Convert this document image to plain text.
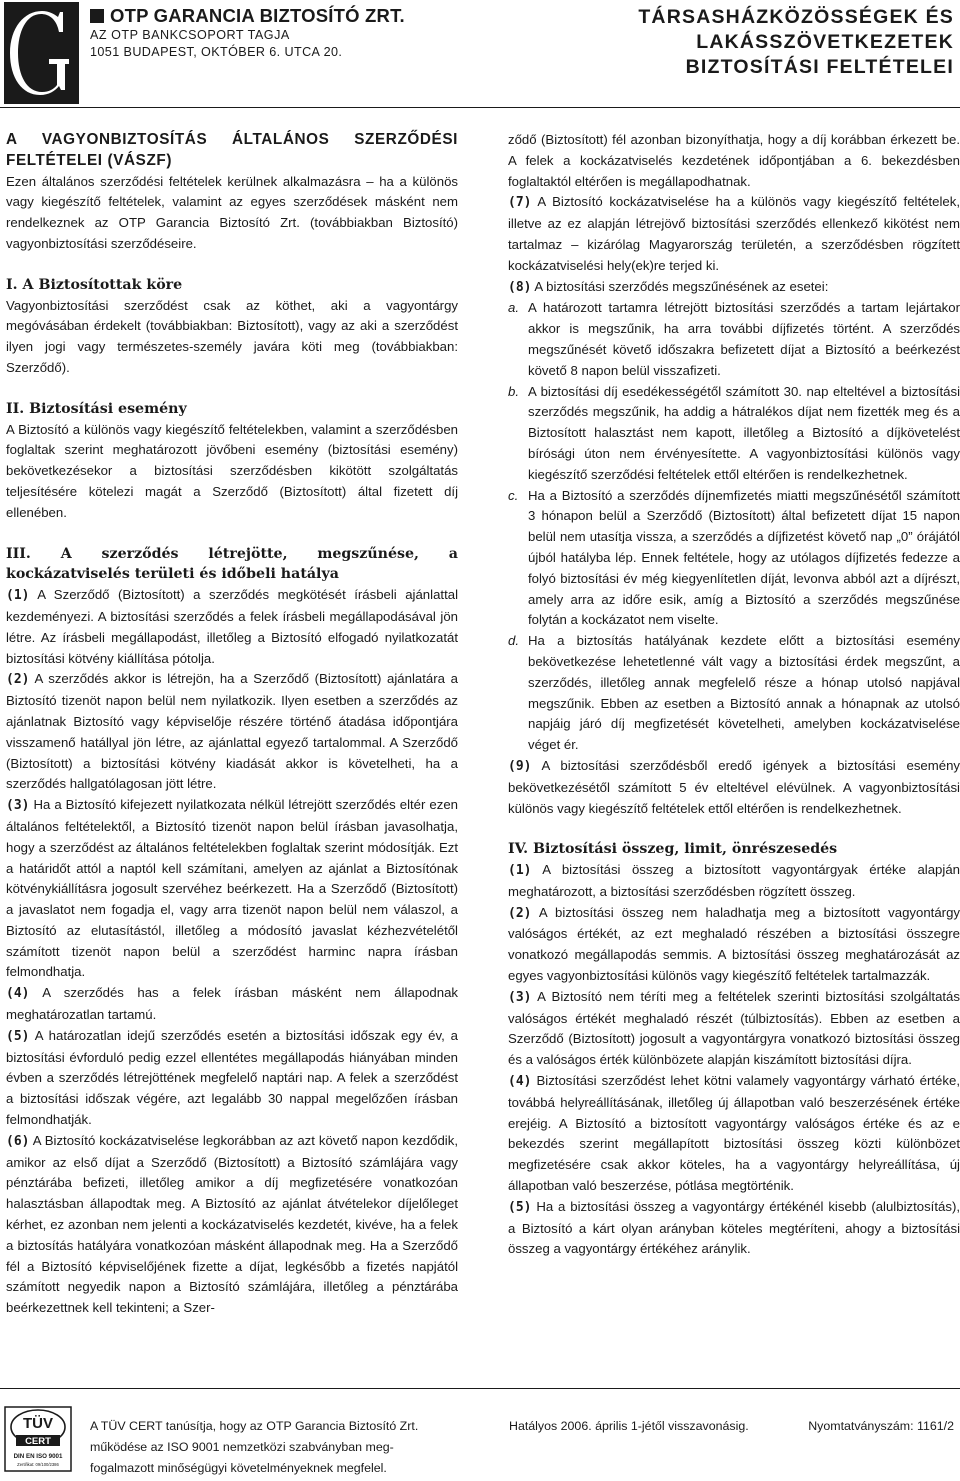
OTP GARANCIA BIZTOSÍTÓ ZRT.
AZ OTP BANKCSOPORT TAGJA
1051 BUDAPEST, OKTÓBER 6. UTCA 20.
TÁRSASHÁZKÖZÖSSÉGEK ÉS
LAKÁSSZÖVETKEZETEK
BIZTOSÍTÁSI FELTÉTELEI

A VAGYONBIZTOSÍTÁS ÁLTALÁNOS SZERZŐDÉSI FELTÉTELEI (VÁSZF)

Ezen általános szerződési feltételek kerülnek alkalmazásra – ha a különös vagy kiegészítő feltételek, valamint az egyes szerződések másként nem rendelkeznek az OTP Garancia Biztosító Zrt. (továbbiakban Biztosító) vagyonbiztosítási szerződéseire.

I. A Biztosítottak köre

Vagyonbiztosítási szerződést csak az köthet, aki a vagyontárgy megóvásában érdekelt (továbbiakban: Biztosított), vagy az aki a szerződést ilyen jogi vagy természetes-személy javára köti meg (továbbiakban: Szerződő).

II. Biztosítási esemény

A Biztosító a különös vagy kiegészítő feltételekben, valamint a szerződésben foglaltak szerint meghatározott jövőbeni esemény (biztosítási esemény) bekövetkezésekor a biztosítási szerződésben kikötött szolgáltatás teljesítésére kötelezi magát a Szerződő (Biztosított) által fizetett díj ellenében.

III. A szerződés létrejötte, megszűnése, a kockázatviselés területi és időbeli hatálya

(1) A Szerződő (Biztosított) a szerződés megkötését írásbeli ajánlattal kezdeményezi. A biztosítási szerződés a felek írásbeli megállapodásával jön létre. Az írásbeli megállapodást, illetőleg a Biztosító elfogadó nyilatkozatát biztosítási kötvény kiállítása pótolja.

(2) A szerződés akkor is létrejön, ha a Szerződő (Biztosított) ajánlatára a Biztosító tizenöt napon belül nem nyilatkozik. Ilyen esetben a szerződés az ajánlatnak Biztosító vagy képviselője részére történő átadása időpontjára visszamenő hatállyal jön létre, az ajánlattal egyező tartalommal. A Szerződő (Biztosított) a biztosítási kötvény kiadását akkor is követelheti, ha a szerződés hallgatólagosan jött létre.

(3) Ha a Biztosító kifejezett nyilatkozata nélkül létrejött szerződés eltér ezen általános feltételektől, a Biztosító tizenöt napon belül írásban javasolhatja, hogy a szerződést az általános feltételekben foglaltak szerint módosítják. Ezt a határidőt attól a naptól kell számítani, amelyen az ajánlat a Biztosítónak kötvénykiállításra jogosult szervéhez beérkezett. Ha a Szerződő (Biztosított) a javaslatot nem fogadja el, vagy arra tizenöt napon belül nem válaszol, a Biztosító az elutasítástól, illetőleg a módosító javaslat kézhezvételétől számított tizenöt napon belül a szerződést harminc napra írásban felmondhatja.

(4) A szerződés has a felek írásban másként nem állapodnak meghatározatlan tartamú.

(5) A határozatlan idejű szerződés esetén a biztosítási időszak egy év, a biztosítási évforduló pedig ezzel ellentétes megállapodás hiányában minden évben a szerződés létrejöttének megfelelő naptári nap. A felek a szerződést a biztosítási időszak végére, azt legalább 30 nappal megelőzően írásban felmondhatják.

(6) A Biztosító kockázatviselése legkorábban az azt követő napon kezdődik, amikor az első díjat a Szerződő (Biztosított) a Biztosító számlájára vagy pénztárába befizeti, illetőleg amikor a díj megfizetésére vonatkozóan halasztásban állapodtak meg. A Biztosító az ajánlat átvételekor díjelőleget kérhet, ez azonban nem jelenti a kockázatviselés kezdetét, kivéve, ha a felek a biztosítás hatályára vonatkozóan másként állapodnak meg. Ha a Szerződő fél a Biztosító képviselőjének fizette a díjat, legkésőbb a fizetés napjától számított negyedik napon a Biztosító számlájára, illetőleg a pénztárába beérkezettnek kell tekinteni; a Szer-

ződő (Biztosított) fél azonban bizonyíthatja, hogy a díj korábban érkezett be. A felek a kockázatviselés kezdetének időpontjában a 6. bekezdésben foglaltaktól eltérően is megállapodhatnak.

(7) A Biztosító kockázatviselése ha a különös vagy kiegészítő feltételek, illetve az ez alapján létrejövő biztosítási szerződés ellenkező kikötést nem tartalmaz – kizárólag Magyarország területén, a szerződésben rögzített kockázatviselési hely(ek)re terjed ki.

(8) A biztosítási szerződés megszűnésének az esetei:

a. A határozott tartamra létrejött biztosítási szerződés a tartam lejártakor akkor is megszűnik, ha arra további díjfizetés történt. A szerződés megszűnését követő időszakra befizetett díjat a Biztosító a beérkezést követő 8 napon belül visszafizeti.
b. A biztosítási díj esedékességétől számított 30. nap elteltével a biztosítási szerződés megszűnik, ha addig a hátralékos díjat nem fizették meg és a Biztosított halasztást nem kapott, illetőleg a Biztosító a díjkövetelést bírósági úton nem érvényesítette. A vagyonbiztosítási különös vagy kiegészítő szerződési feltételek ettől eltérően is rendelkezhetnek.
c. Ha a Biztosító a szerződés díjnemfizetés miatti megszűnésétől számított 3 hónapon belül a Szerződő (Biztosított) által befizetett díjat 15 napon belül nem utasítja vissza, a szerződés a díjfizetést követő nap „0” órájától újból hatályba lép. Ennek feltétele, hogy az utólagos díjfizetés fedezze a folyó biztosítási év még kiegyenlítetlen díját, levonva abból azt a díjrészt, amely arra az időre esik, amíg a Biztosító a szerződés megszűnése folytán a kockázatot nem viselte.
d. Ha a biztosítás hatályának kezdete előtt a biztosítási esemény bekövetkezése lehetetlenné vált vagy a biztosítási érdek megszűnt, a szerződés, illetőleg annak megfelelő része a hónap utolsó napjával megszűnik. Ebben az esetben a Biztosító annak a hónapnak az utolsó napjáig járó díj megfizetését követelheti, amelyben kockázatviselése véget ér.

(9) A biztosítási szerződésből eredő igények a biztosítási esemény bekövetkezésétől számított 5 év elteltével elévülnek. A vagyonbiztosítási különös vagy kiegészítő feltételek ettől eltérően is rendelkezhetnek.

IV. Biztosítási összeg, limit, önrészesedés

(1) A biztosítási összeg a biztosított vagyontárgyak értéke alapján meghatározott, a biztosítási szerződésben rögzített összeg.

(2) A biztosítási összeg nem haladhatja meg a biztosított vagyontárgy valóságos értékét, az ezt meghaladó részében a biztosítási összegre vonatkozó megállapodás semmis. A biztosítási összeg meghatározását az egyes vagyonbiztosítási különös vagy kiegészítő feltételek tartalmazzák.

(3) A Biztosító nem téríti meg a feltételek szerinti biztosítási szolgáltatás valóságos értékét meghaladó részét (túlbiztosítás). Ebben az esetben a Szerződő (Biztosított) jogosult a vagyontárgyra vonatkozó biztosítási összeg és a valóságos érték különbözete alapján kiszámított biztosítási díjra.

(4) Biztosítási szerződést lehet kötni valamely vagyontárgy várható értéke, továbbá helyreállításának, illetőleg új állapotban való beszerzésének értéke erejéig. A Biztosító a biztosított vagyontárgy valóságos értéke és az e bekezdés szerint megállapított biztosítási összeg közti különbözet megfizetésére csak akkor köteles, ha a vagyontárgy helyreállítása, új állapotban való beszerzése, pótlása megtörténik.

(5) Ha a biztosítási összeg a vagyontárgy értékénél kisebb (alulbiztosítás), a Biztosító a kárt olyan arányban köteles megtéríteni, ahogy a biztosítási összeg a vagyontárgy értékéhez aránylik.

TÜV
CERT
DIN EN ISO 9001
Zertifikat: 09/100/2386
A TÜV CERT tanúsítja, hogy az OTP Garancia Biztosító Zrt.
működése az ISO 9001 nemzetközi szabványban meg-
fogalmazott minőségügyi követelményeknek megfelel.
Hatályos 2006. április 1-jétől visszavonásig.	Nyomtatványszám: 1161/2
